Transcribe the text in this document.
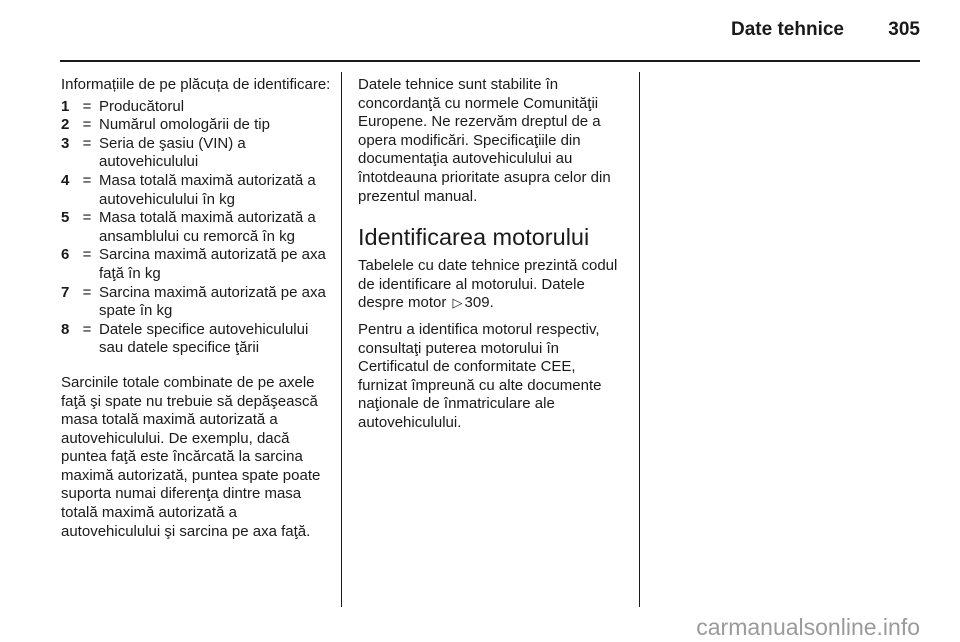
Date tehnice 305

Informațiile de pe plăcuța de identificare:

1 = Producătorul
2 = Numărul omologării de tip
3 = Seria de şasiu (VIN) a autovehiculului
4 = Masa totală maximă autorizată a autovehiculului în kg
5 = Masa totală maximă autorizată a ansamblului cu remorcă în kg
6 = Sarcina maximă autorizată pe axa faţă în kg
7 = Sarcina maximă autorizată pe axa spate în kg
8 = Datele specifice autovehiculului sau datele specifice ţării

Sarcinile totale combinate de pe axele faţă şi spate nu trebuie să depăşească masa totală maximă autorizată a autovehiculului. De exemplu, dacă puntea faţă este încărcată la sarcina maximă autorizată, puntea spate poate suporta numai diferenţa dintre masa totală maximă autorizată a autovehiculului şi sarcina pe axa faţă.

Datele tehnice sunt stabilite în concordanţă cu normele Comunităţii Europene. Ne rezervăm dreptul de a opera modificări. Specificaţiile din documentaţia autovehiculului au întotdeauna prioritate asupra celor din prezentul manual.

Identificarea motorului

Tabelele cu date tehnice prezintă codul de identificare al motorului. Datele despre motor ▷ 309.

Pentru a identifica motorul respectiv, consultaţi puterea motorului în Certificatul de conformitate CEE, furnizat împreună cu alte documente naţionale de înmatriculare ale autovehiculului.

carmanualsonline.info
